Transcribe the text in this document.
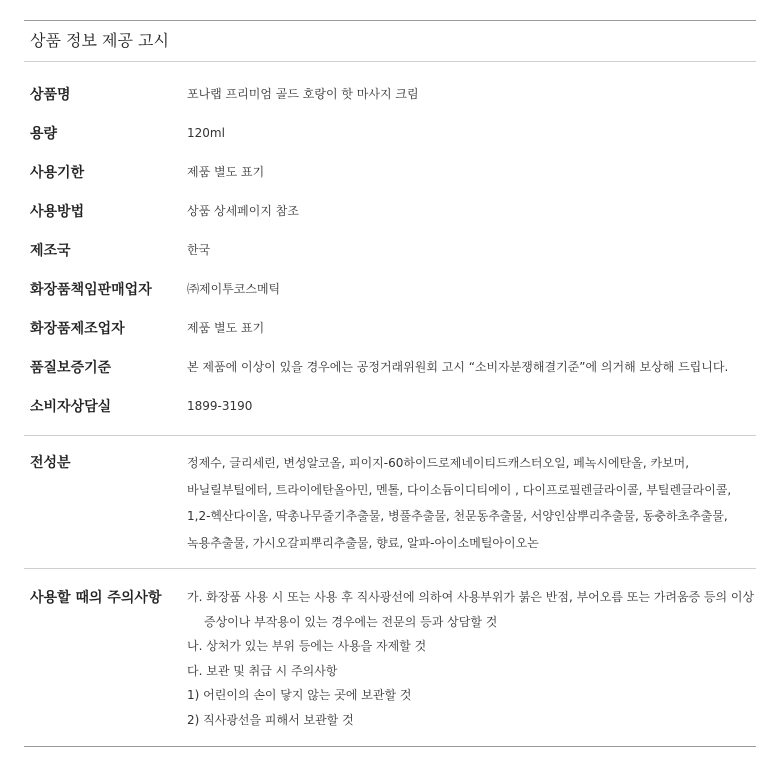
상품 정보 제공 고시
상품명	포나랩 프리미엄 골드 호랑이 핫 마사지 크림
용량	120ml
사용기한	제품 별도 표기
사용방법	상품 상세페이지 참조
제조국	한국
화장품책임판매업자	㈜제이투코스메틱
화장품제조업자	제품 별도 표기
품질보증기준	본 제품에 이상이 있을 경우에는 공정거래위원회 고시 “소비자분쟁해결기준”에 의거해 보상해 드립니다.
소비자상담실	1899-3190
전성분	정제수, 글리세린, 변성알코올, 피이지-60하이드로제네이티드캐스터오일, 페녹시에탄올, 카보머, 바닐릴부틸에터, 트라이에탄올아민, 멘톨, 다이소듐이디티에이 , 다이프로필렌글라이콜, 부틸렌글라이콜, 1,2-헥산다이올, 딱총나무줄기추출물, 병풀추출물, 천문동추출물, 서양인삼뿌리추출물, 동충하초추출물, 녹용추출물, 가시오갈피뿌리추출물, 향료, 알파-아이소메틸아이오논
사용할 때의 주의사항	가. 화장품 사용 시 또는 사용 후 직사광선에 의하여 사용부위가 붉은 반점, 부어오름 또는 가려움증 등의 이상 증상이나 부작용이 있는 경우에는 전문의 등과 상담할 것
나. 상처가 있는 부위 등에는 사용을 자제할 것
다. 보관 및 취급 시 주의사항
1) 어린이의 손이 닿지 않는 곳에 보관할 것
2) 직사광선을 피해서 보관할 것
